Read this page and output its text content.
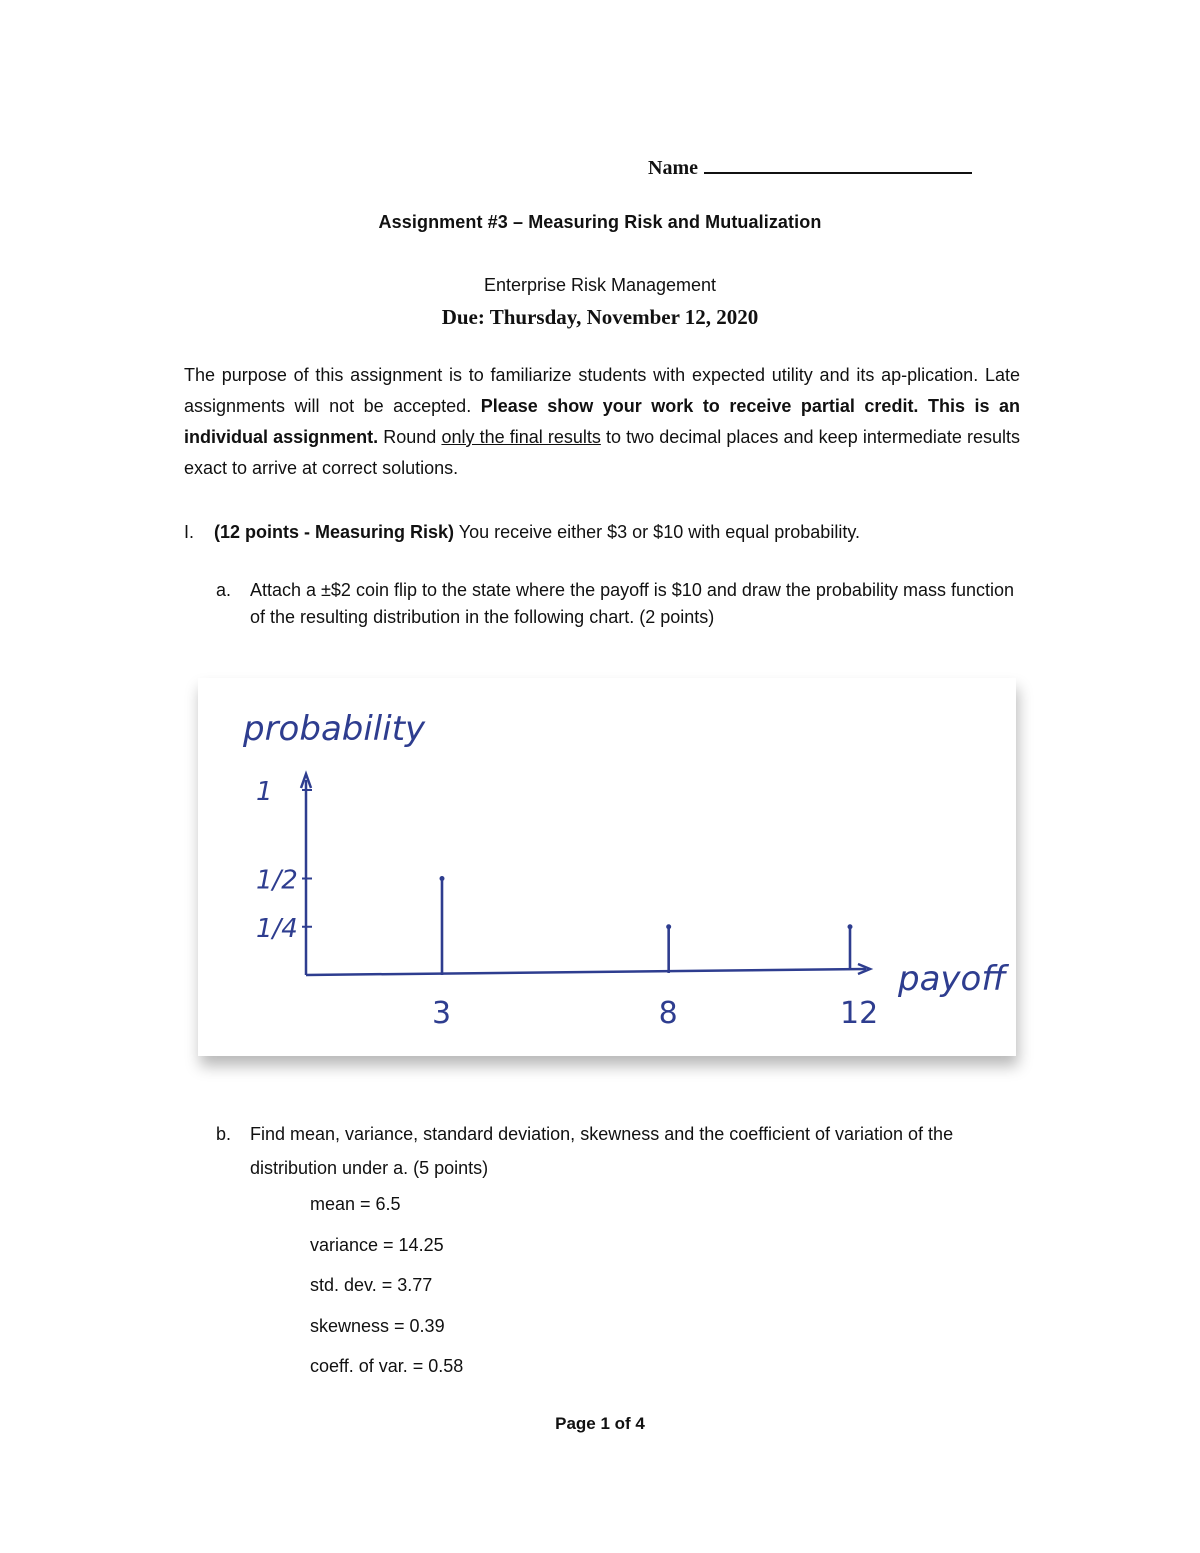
Name
Assignment #3 – Measuring Risk and Mutualization
Enterprise Risk Management
Due: Thursday, November 12, 2020
The purpose of this assignment is to familiarize students with expected utility and its ap-plication. Late assignments will not be accepted. Please show your work to receive partial credit. This is an individual assignment. Round only the final results to two decimal places and keep intermediate results exact to arrive at correct solutions.
I. (12 points - Measuring Risk) You receive either $3 or $10 with equal probability.
a. Attach a ±$2 coin flip to the state where the payoff is $10 and draw the probability mass function of the resulting distribution in the following chart. (2 points)
probability
payoff
1/4
1/2
1
3	8	12
b. Find mean, variance, standard deviation, skewness and the coefficient of variation of the distribution under a. (5 points)
mean = 6.5
variance = 14.25
std. dev. = 3.77
skewness = 0.39
coeff. of var. = 0.58
Page 1 of 4
